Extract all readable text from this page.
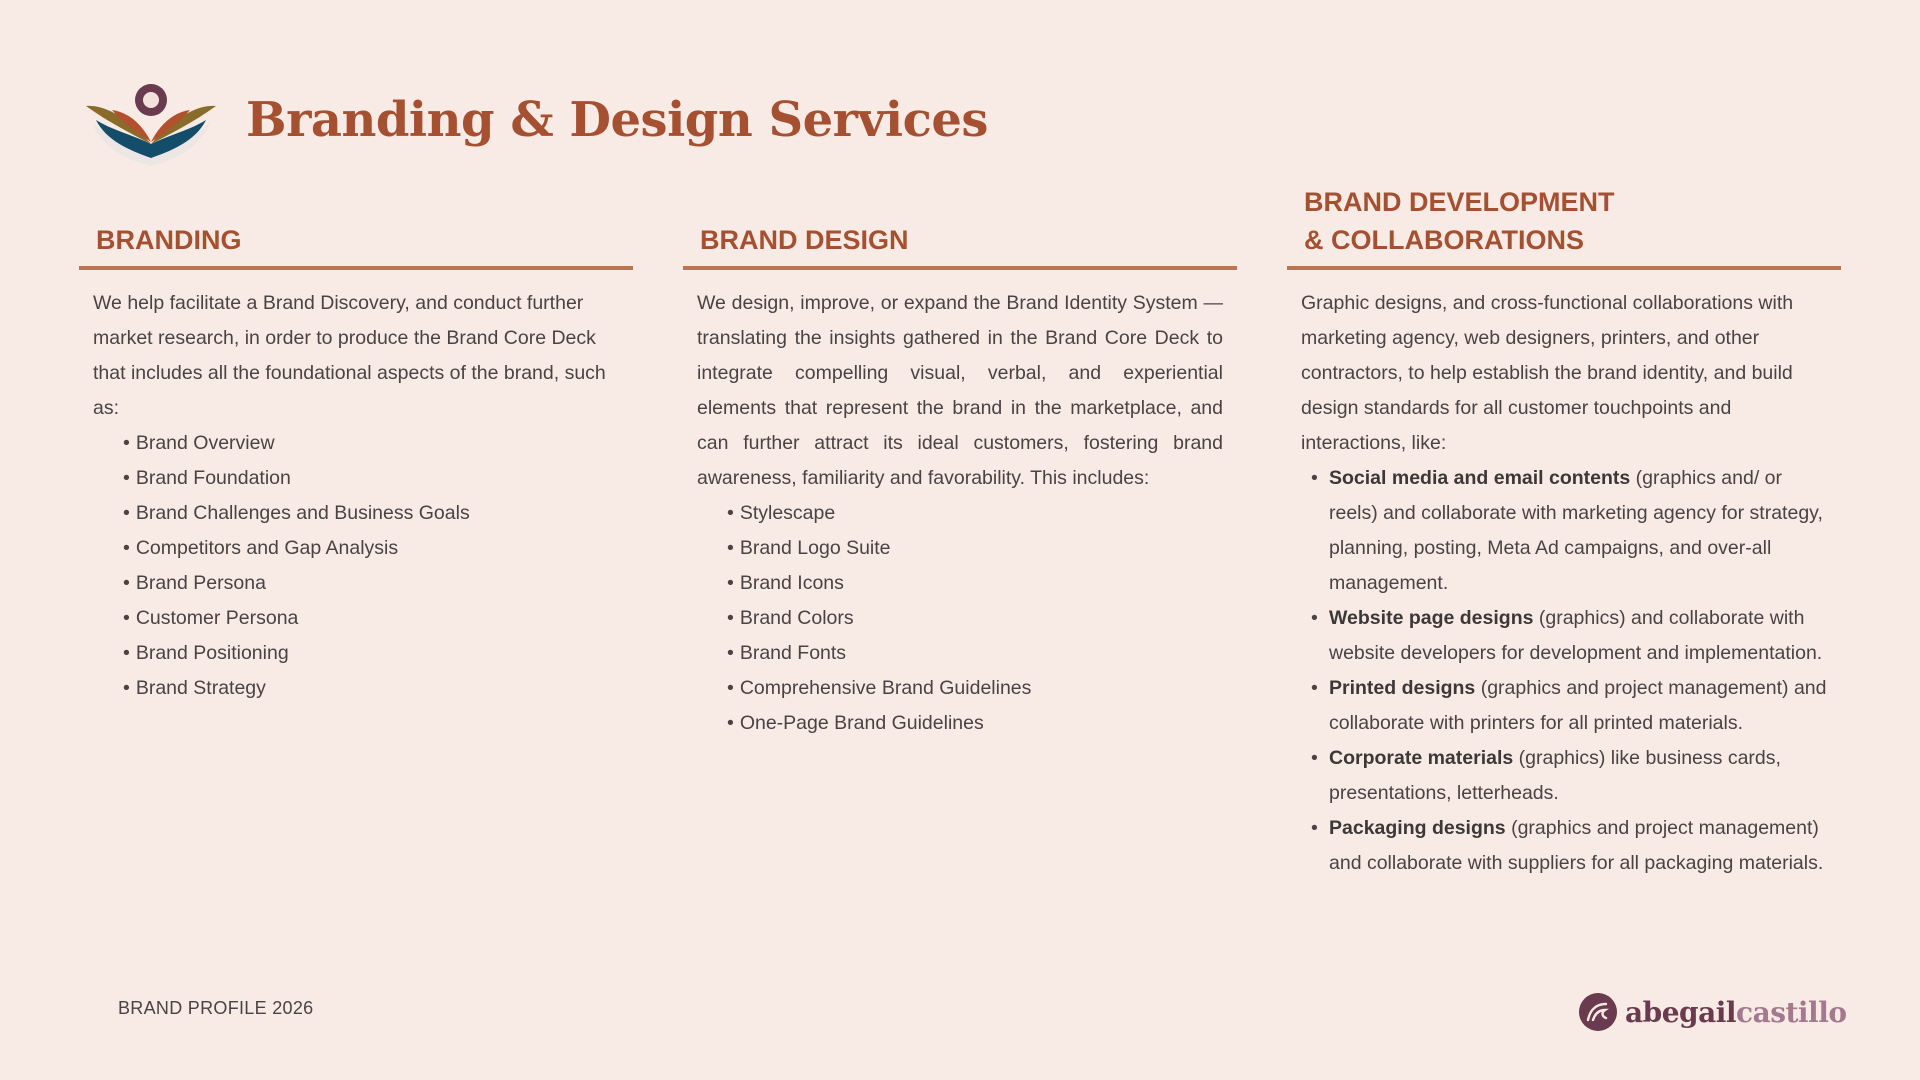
Branding & Design Services
BRANDING

We help facilitate a Brand Discovery, and conduct further market research, in order to produce the Brand Core Deck that includes all the foundational aspects of the brand, such as:

• Brand Overview
• Brand Foundation
• Brand Challenges and Business Goals
• Competitors and Gap Analysis
• Brand Persona
• Customer Persona
• Brand Positioning
• Brand Strategy
BRAND DESIGN

We design, improve, or expand the Brand Identity System —translating the insights gathered in the Brand Core Deck to integrate compelling visual, verbal, and experiential elements that represent the brand in the marketplace, and can further attract its ideal customers, fostering brand awareness, familiarity and favorability. This includes:

• Stylescape
• Brand Logo Suite
• Brand Icons
• Brand Colors
• Brand Fonts
• Comprehensive Brand Guidelines
• One-Page Brand Guidelines
BRAND DEVELOPMENT
& COLLABORATIONS

Graphic designs, and cross-functional collaborations with marketing agency, web designers, printers, and other contractors, to help establish the brand identity, and build design standards for all customer touchpoints and interactions, like:

• Social media and email contents (graphics and/ or reels) and collaborate with marketing agency for strategy, planning, posting, Meta Ad campaigns, and over-all management.
• Website page designs (graphics) and collaborate with website developers for development and implementation.
• Printed designs (graphics and project management) and collaborate with printers for all printed materials.
• Corporate materials (graphics) like business cards, presentations, letterheads.
• Packaging designs (graphics and project management) and collaborate with suppliers for all packaging materials.
BRAND PROFILE 2026	abegailcastillo
